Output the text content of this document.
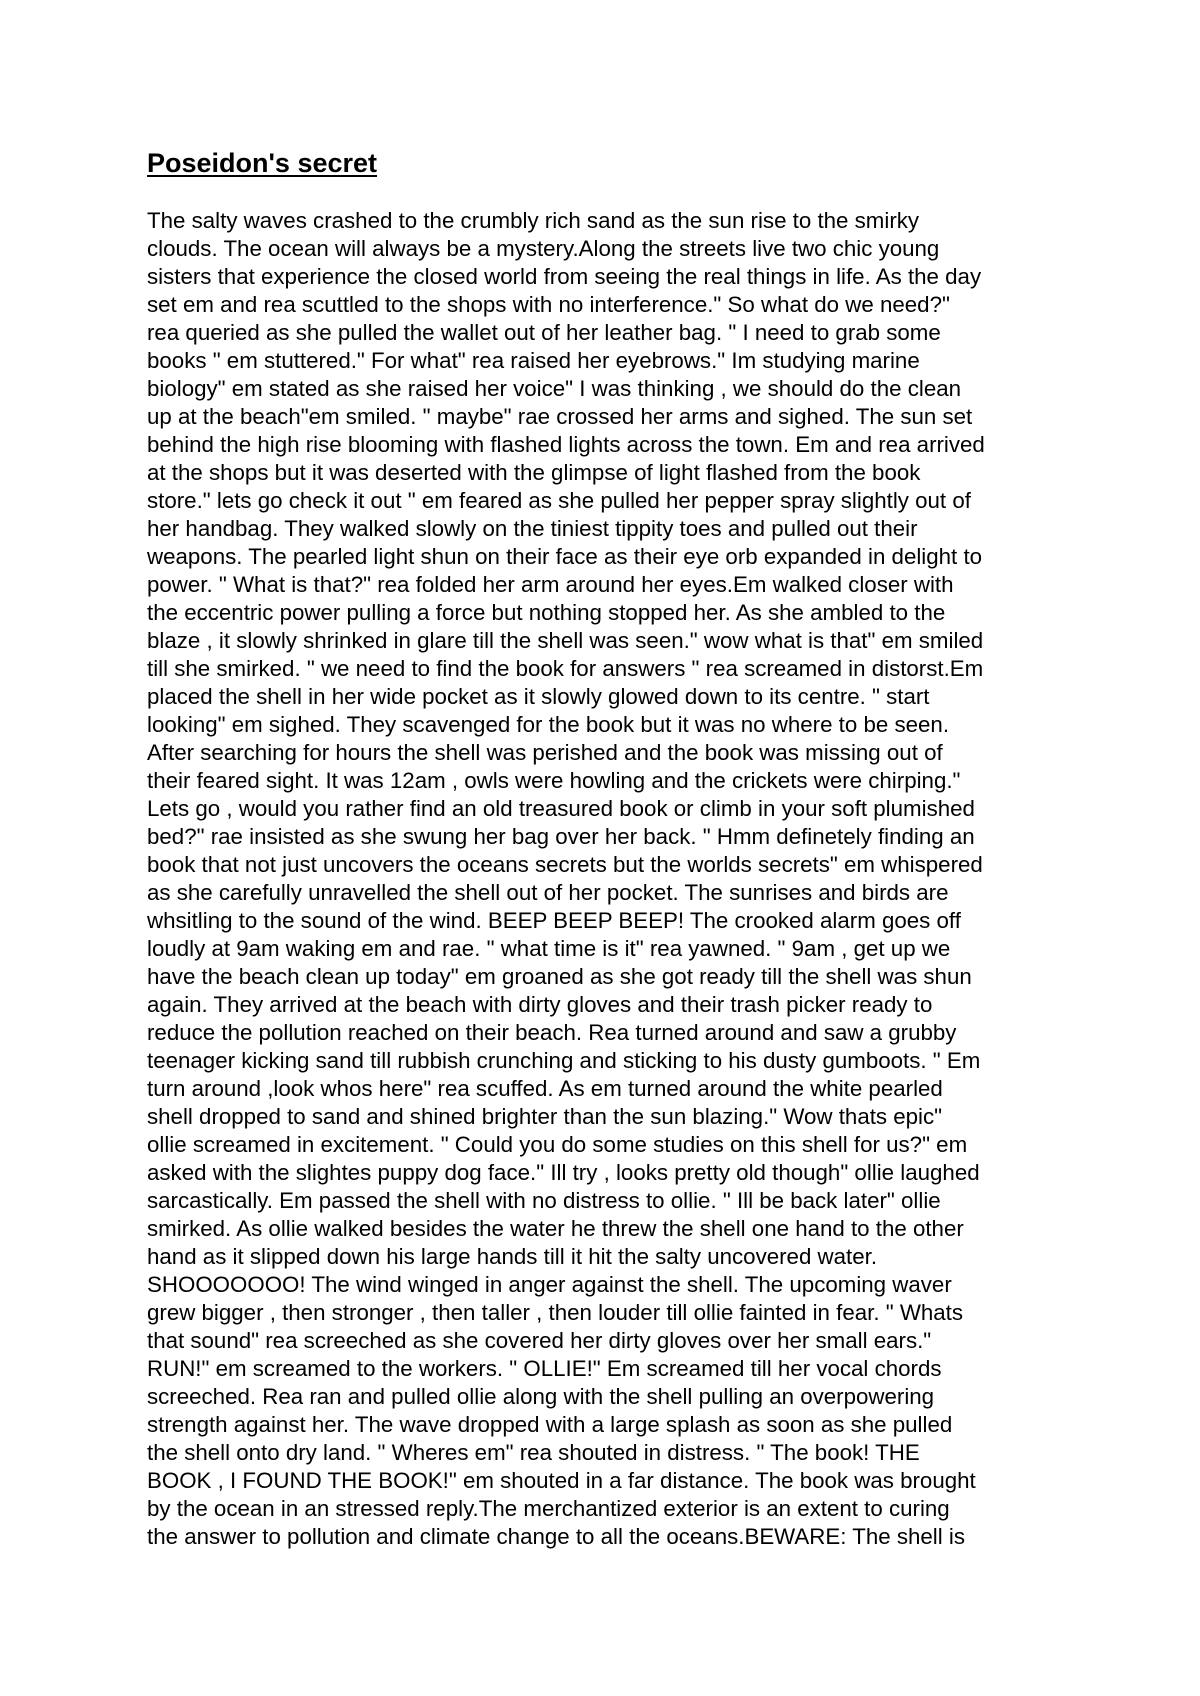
Poseidon's secret
The salty waves crashed to the crumbly rich sand as the sun rise to the smirky
clouds. The ocean will always be a mystery.Along the streets live two chic young
sisters that experience the closed world from seeing the real things in life. As the day
set em and rea scuttled to the shops with no interference." So what do we need?"
rea queried as she pulled the wallet out of her leather bag. " I need to grab some
books " em stuttered." For what" rea raised her eyebrows." Im studying marine
biology" em stated as she raised her voice" I was thinking , we should do the clean
up at the beach"em smiled. " maybe" rae crossed her arms and sighed. The sun set
behind the high rise blooming with flashed lights across the town. Em and rea arrived
at the shops but it was deserted with the glimpse of light flashed from the book
store." lets go check it out " em feared as she pulled her pepper spray slightly out of
her handbag. They walked slowly on the tiniest tippity toes and pulled out their
weapons. The pearled light shun on their face as their eye orb expanded in delight to
power. " What is that?" rea folded her arm around her eyes.Em walked closer with
the eccentric power pulling a force but nothing stopped her. As she ambled to the
blaze , it slowly shrinked in glare till the shell was seen." wow what is that" em smiled
till she smirked. " we need to find the book for answers " rea screamed in distorst.Em
placed the shell in her wide pocket as it slowly glowed down to its centre. " start
looking" em sighed. They scavenged for the book but it was no where to be seen.
After searching for hours the shell was perished and the book was missing out of
their feared sight. It was 12am , owls were howling and the crickets were chirping."
Lets go , would you rather find an old treasured book or climb in your soft plumished
bed?" rae insisted as she swung her bag over her back. " Hmm definetely finding an
book that not just uncovers the oceans secrets but the worlds secrets" em whispered
as she carefully unravelled the shell out of her pocket. The sunrises and birds are
whsitling to the sound of the wind. BEEP BEEP BEEP! The crooked alarm goes off
loudly at 9am waking em and rae. " what time is it" rea yawned. " 9am , get up we
have the beach clean up today" em groaned as she got ready till the shell was shun
again. They arrived at the beach with dirty gloves and their trash picker ready to
reduce the pollution reached on their beach. Rea turned around and saw a grubby
teenager kicking sand till rubbish crunching and sticking to his dusty gumboots. " Em
turn around ,look whos here" rea scuffed. As em turned around the white pearled
shell dropped to sand and shined brighter than the sun blazing." Wow thats epic"
ollie screamed in excitement. " Could you do some studies on this shell for us?" em
asked with the slightes puppy dog face." Ill try , looks pretty old though" ollie laughed
sarcastically. Em passed the shell with no distress to ollie. " Ill be back later" ollie
smirked. As ollie walked besides the water he threw the shell one hand to the other
hand as it slipped down his large hands till it hit the salty uncovered water.
SHOOOOOOO! The wind winged in anger against the shell. The upcoming waver
grew bigger , then stronger , then taller , then louder till ollie fainted in fear. " Whats
that sound" rea screeched as she covered her dirty gloves over her small ears."
RUN!" em screamed to the workers. " OLLIE!" Em screamed till her vocal chords
screeched. Rea ran and pulled ollie along with the shell pulling an overpowering
strength against her. The wave dropped with a large splash as soon as she pulled
the shell onto dry land. " Wheres em" rea shouted in distress. " The book! THE
BOOK , I FOUND THE BOOK!" em shouted in a far distance. The book was brought
by the ocean in an stressed reply.The merchantized exterior is an extent to curing
the answer to pollution and climate change to all the oceans.BEWARE: The shell is
